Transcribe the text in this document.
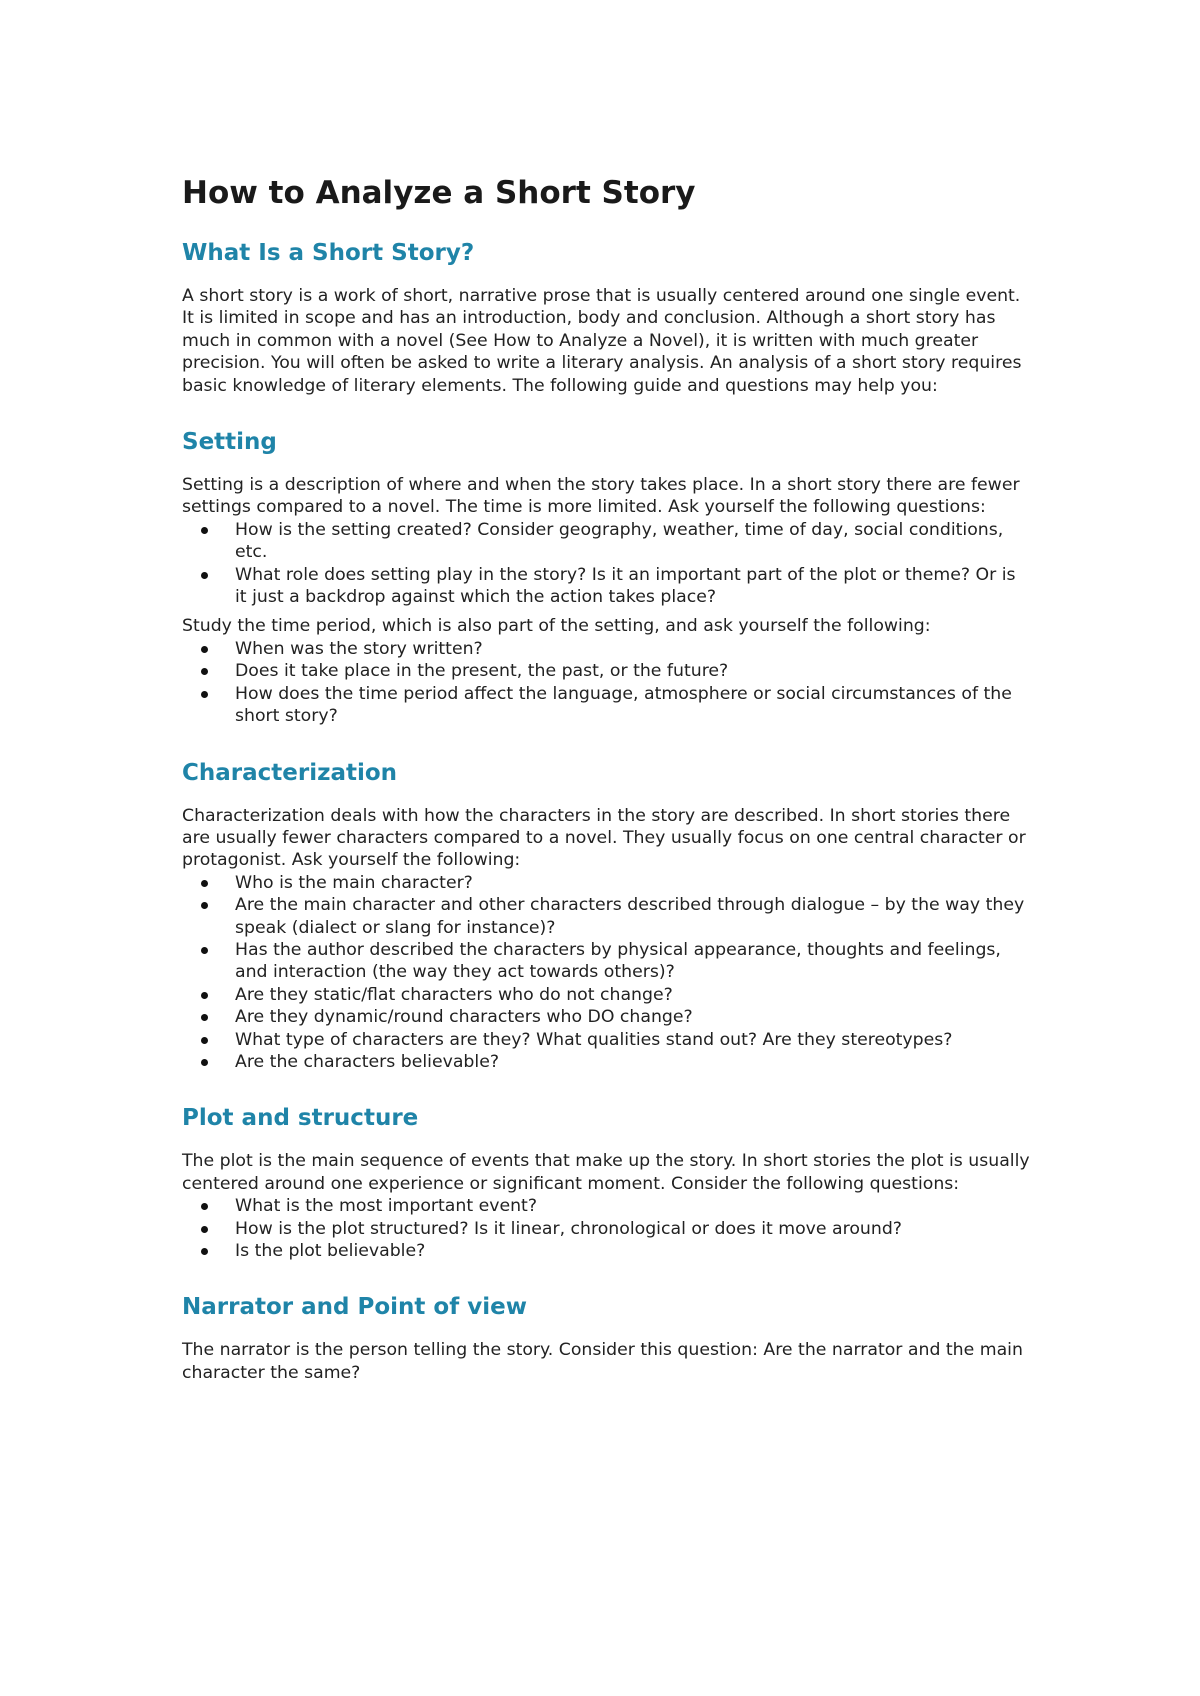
How to Analyze a Short Story
What Is a Short Story?

A short story is a work of short, narrative prose that is usually centered around one single event. It is limited in scope and has an introduction, body and conclusion. Although a short story has much in common with a novel (See How to Analyze a Novel), it is written with much greater precision. You will often be asked to write a literary analysis. An analysis of a short story requires basic knowledge of literary elements. The following guide and questions may help you:

Setting

Setting is a description of where and when the story takes place. In a short story there are fewer settings compared to a novel. The time is more limited. Ask yourself the following questions:

How is the setting created? Consider geography, weather, time of day, social conditions, etc.
What role does setting play in the story? Is it an important part of the plot or theme? Or is it just a backdrop against which the action takes place?

Study the time period, which is also part of the setting, and ask yourself the following:

When was the story written?
Does it take place in the present, the past, or the future?
How does the time period affect the language, atmosphere or social circumstances of the short story?
Characterization

Characterization deals with how the characters in the story are described. In short stories there are usually fewer characters compared to a novel. They usually focus on one central character or protagonist. Ask yourself the following:

Who is the main character?
Are the main character and other characters described through dialogue – by the way they speak (dialect or slang for instance)?
Has the author described the characters by physical appearance, thoughts and feelings, and interaction (the way they act towards others)?
Are they static/flat characters who do not change?
Are they dynamic/round characters who DO change?
What type of characters are they? What qualities stand out? Are they stereotypes?
Are the characters believable?
Plot and structure

The plot is the main sequence of events that make up the story. In short stories the plot is usually centered around one experience or significant moment. Consider the following questions:

What is the most important event?
How is the plot structured? Is it linear, chronological or does it move around?
Is the plot believable?
Narrator and Point of view

The narrator is the person telling the story. Consider this question: Are the narrator and the main character the same?
